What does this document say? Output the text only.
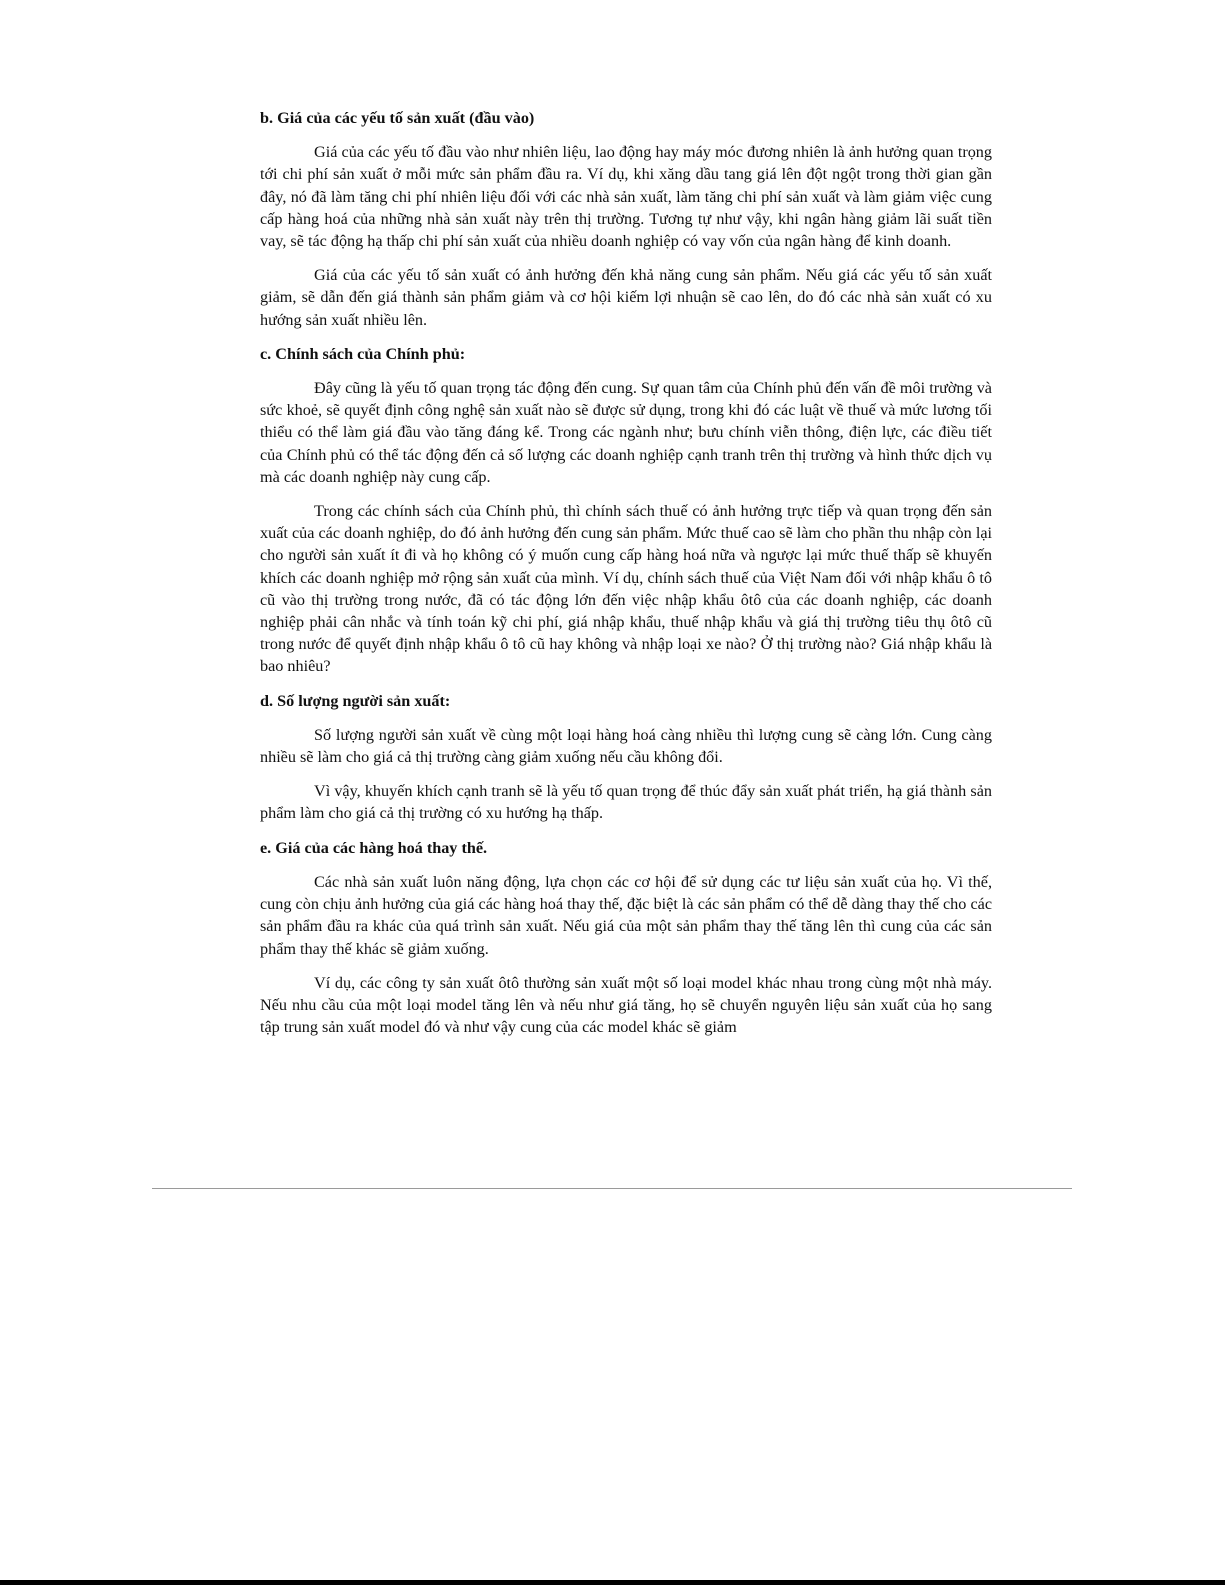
b. Giá của các yếu tố sản xuất (đầu vào)

Giá của các yếu tố đầu vào như nhiên liệu, lao động hay máy móc đương nhiên là ảnh hưởng quan trọng tới chi phí sản xuất ở mỗi mức sản phẩm đầu ra. Ví dụ, khi xăng dầu tang giá lên đột ngột trong thời gian gần đây, nó đã làm tăng chi phí nhiên liệu đối với các nhà sản xuất, làm tăng chi phí sản xuất và làm giảm việc cung cấp hàng hoá của những nhà sản xuất này trên thị trường. Tương tự như vậy, khi ngân hàng giảm lãi suất tiền vay, sẽ tác động hạ thấp chi phí sản xuất của nhiều doanh nghiệp có vay vốn của ngân hàng để kinh doanh.

Giá của các yếu tố sản xuất có ảnh hưởng đến khả năng cung sản phẩm. Nếu giá các yếu tố sản xuất giảm, sẽ dẫn đến giá thành sản phẩm giảm và cơ hội kiếm lợi nhuận sẽ cao lên, do đó các nhà sản xuất có xu hướng sản xuất nhiều lên.

c. Chính sách của Chính phủ:

Đây cũng là yếu tố quan trọng tác động đến cung. Sự quan tâm của Chính phủ đến vấn đề môi trường và sức khoẻ, sẽ quyết định công nghệ sản xuất nào sẽ được sử dụng, trong khi đó các luật về thuế và mức lương tối thiểu có thể làm giá đầu vào tăng đáng kể. Trong các ngành như; bưu chính viễn thông, điện lực, các điều tiết của Chính phủ có thể tác động đến cả số lượng các doanh nghiệp cạnh tranh trên thị trường và hình thức dịch vụ mà các doanh nghiệp này cung cấp.

Trong các chính sách của Chính phủ, thì chính sách thuế có ảnh hưởng trực tiếp và quan trọng đến sản xuất của các doanh nghiệp, do đó ảnh hưởng đến cung sản phẩm. Mức thuế cao sẽ làm cho phần thu nhập còn lại cho người sản xuất ít đi và họ không có ý muốn cung cấp hàng hoá nữa và ngược lại mức thuế thấp sẽ khuyến khích các doanh nghiệp mở rộng sản xuất của mình. Ví dụ, chính sách thuế của Việt Nam đối với nhập khẩu ô tô cũ vào thị trường trong nước, đã có tác động lớn đến việc nhập khẩu ôtô của các doanh nghiệp, các doanh nghiệp phải cân nhắc và tính toán kỹ chi phí, giá nhập khẩu, thuế nhập khẩu và giá thị trường tiêu thụ ôtô cũ trong nước để quyết định nhập khẩu ô tô cũ hay không và nhập loại xe nào? Ở thị trường nào? Giá nhập khẩu là bao nhiêu?

d. Số lượng người sản xuất:

Số lượng người sản xuất về cùng một loại hàng hoá càng nhiều thì lượng cung sẽ càng lớn. Cung càng nhiều sẽ làm cho giá cả thị trường càng giảm xuống nếu cầu không đổi.

Vì vậy, khuyến khích cạnh tranh sẽ là yếu tố quan trọng để thúc đẩy sản xuất phát triển, hạ giá thành sản phẩm làm cho giá cả thị trường có xu hướng hạ thấp.

e. Giá của các hàng hoá thay thế.

Các nhà sản xuất luôn năng động, lựa chọn các cơ hội để sử dụng các tư liệu sản xuất của họ. Vì thế, cung còn chịu ảnh hưởng của giá các hàng hoá thay thế, đặc biệt là các sản phẩm có thể dễ dàng thay thế cho các sản phẩm đầu ra khác của quá trình sản xuất. Nếu giá của một sản phẩm thay thế tăng lên thì cung của các sản phẩm thay thế khác sẽ giảm xuống.

Ví dụ, các công ty sản xuất ôtô thường sản xuất một số loại model khác nhau trong cùng một nhà máy. Nếu nhu cầu của một loại model tăng lên và nếu như giá tăng, họ sẽ chuyển nguyên liệu sản xuất của họ sang tập trung sản xuất model đó và như vậy cung của các model khác sẽ giảm
